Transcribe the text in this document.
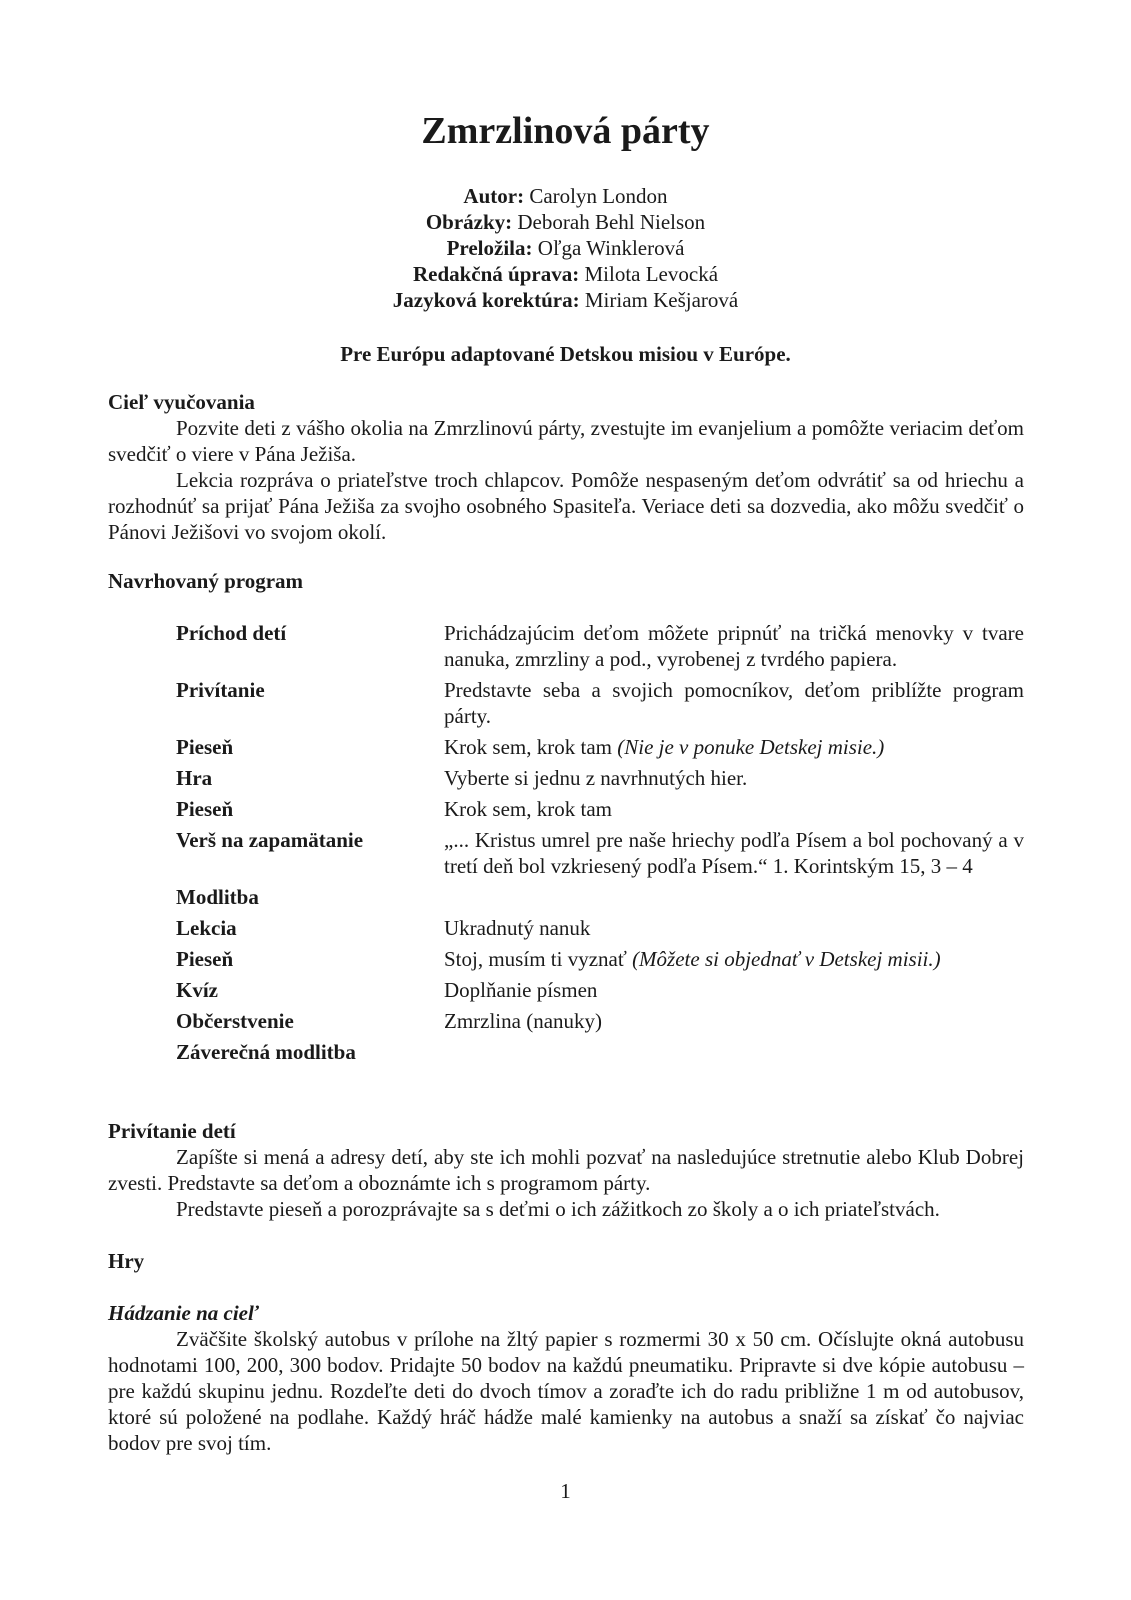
Zmrzlinová párty
Autor: Carolyn London
Obrázky: Deborah Behl Nielson
Preložila: Oľga Winklerová
Redakčná úprava: Milota Levocká
Jazyková korektúra: Miriam Kešjarová
Pre Európu adaptované Detskou misiou v Európe.
Cieľ vyučovania

Pozvite deti z vášho okolia na Zmrzlinovú párty, zvestujte im evanjelium a pomôžte veriacim deťom svedčiť o viere v Pána Ježiša.

Lekcia rozpráva o priateľstve troch chlapcov. Pomôže nespaseným deťom odvrátiť sa od hriechu a rozhodnúť sa prijať Pána Ježiša za svojho osobného Spasiteľa. Veriace deti sa dozvedia, ako môžu svedčiť o Pánovi Ježišovi vo svojom okolí.

Navrhovaný program
Príchod detí	Prichádzajúcim deťom môžete pripnúť na tričká menovky v tvare nanuka, zmrzliny a pod., vyrobenej z tvrdého papiera.
Privítanie	Predstavte seba a svojich pomocníkov, deťom priblížte program párty.
Pieseň	Krok sem, krok tam (Nie je v ponuke Detskej misie.)
Hra	Vyberte si jednu z navrhnutých hier.
Pieseň	Krok sem, krok tam
Verš na zapamätanie	„... Kristus umrel pre naše hriechy podľa Písem a bol pochovaný a v tretí deň bol vzkriesený podľa Písem.“ 1. Korintským 15, 3 – 4
Modlitba
Lekcia	Ukradnutý nanuk
Pieseň	Stoj, musím ti vyznať (Môžete si objednať v Detskej misii.)
Kvíz	Doplňanie písmen
Občerstvenie	Zmrzlina (nanuky)
Záverečná modlitba
Privítanie detí

Zapíšte si mená a adresy detí, aby ste ich mohli pozvať na nasledujúce stretnutie alebo Klub Dobrej zvesti. Predstavte sa deťom a oboznámte ich s programom párty.

Predstavte pieseň a porozprávajte sa s deťmi o ich zážitkoch zo školy a o ich priateľstvách.

Hry
Hádzanie na cieľ

Zväčšite školský autobus v prílohe na žltý papier s rozmermi 30 x 50 cm. Očíslujte okná autobusu hodnotami 100, 200, 300 bodov. Pridajte 50 bodov na každú pneumatiku. Pripravte si dve kópie autobusu – pre každú skupinu jednu. Rozdeľte deti do dvoch tímov a zoraďte ich do radu približne 1 m od autobusov, ktoré sú položené na podlahe. Každý hráč hádže malé kamienky na autobus a snaží sa získať čo najviac bodov pre svoj tím.

1
